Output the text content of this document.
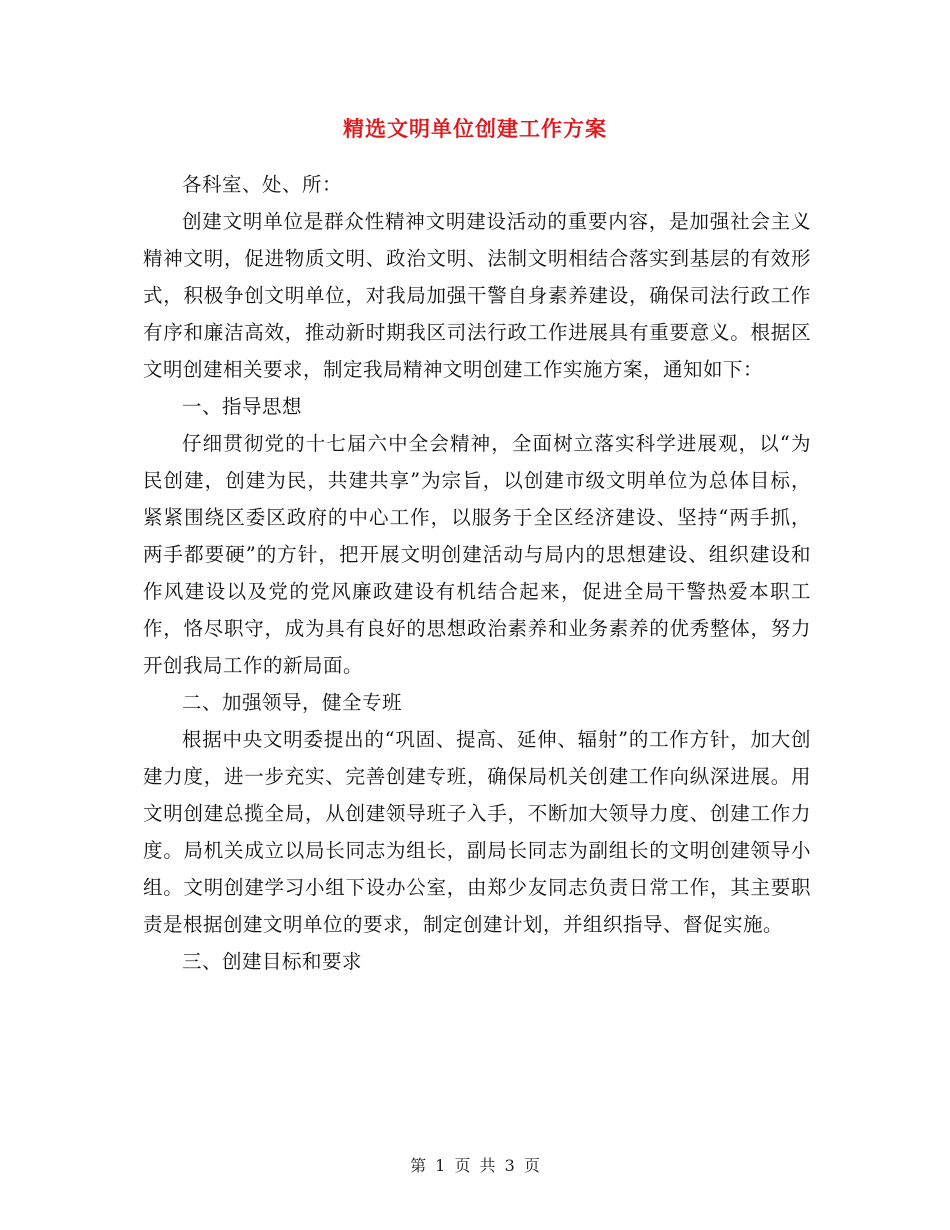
精选文明单位创建工作方案

各科室、处、所：

创建文明单位是群众性精神文明建设活动的重要内容，是加强社会主义精神文明，促进物质文明、政治文明、法制文明相结合落实到基层的有效形式，积极争创文明单位，对我局加强干警自身素养建设，确保司法行政工作有序和廉洁高效，推动新时期我区司法行政工作进展具有重要意义。根据区文明创建相关要求，制定我局精神文明创建工作实施方案，通知如下：

一、指导思想

仔细贯彻党的十七届六中全会精神，全面树立落实科学进展观，以“为民创建，创建为民，共建共享”为宗旨，以创建市级文明单位为总体目标，紧紧围绕区委区政府的中心工作，以服务于全区经济建设、坚持“两手抓，两手都要硬”的方针，把开展文明创建活动与局内的思想建设、组织建设和作风建设以及党的党风廉政建设有机结合起来，促进全局干警热爱本职工作，恪尽职守，成为具有良好的思想政治素养和业务素养的优秀整体，努力开创我局工作的新局面。

二、加强领导，健全专班

根据中央文明委提出的“巩固、提高、延伸、辐射”的工作方针，加大创建力度，进一步充实、完善创建专班，确保局机关创建工作向纵深进展。用文明创建总揽全局，从创建领导班子入手，不断加大领导力度、创建工作力度。局机关成立以局长同志为组长，副局长同志为副组长的文明创建领导小组。文明创建学习小组下设办公室，由郑少友同志负责日常工作，其主要职责是根据创建文明单位的要求，制定创建计划，并组织指导、督促实施。

三、创建目标和要求

第 1 页 共 3 页
